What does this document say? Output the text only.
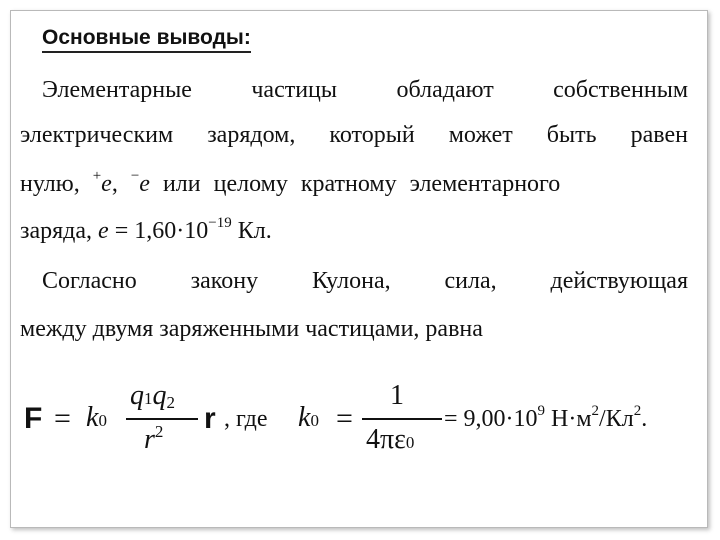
Основные выводы:
Элементарные частицы обладают собственным
электрическим зарядом, который может быть равен
нулю, +e, −e или целому кратному элементарного
заряда, $e = 1,60\cdot 10^{-19}$ Кл.
Согласно закону Кулона, сила, действующая
между двумя заряженными частицами, равна
F = k0
$q1q_2$
$r^2$ r , где k0 =
1
4πε0
= $9,00\cdot 10^9$ $Н\cdot м^2/Кл^2$.
